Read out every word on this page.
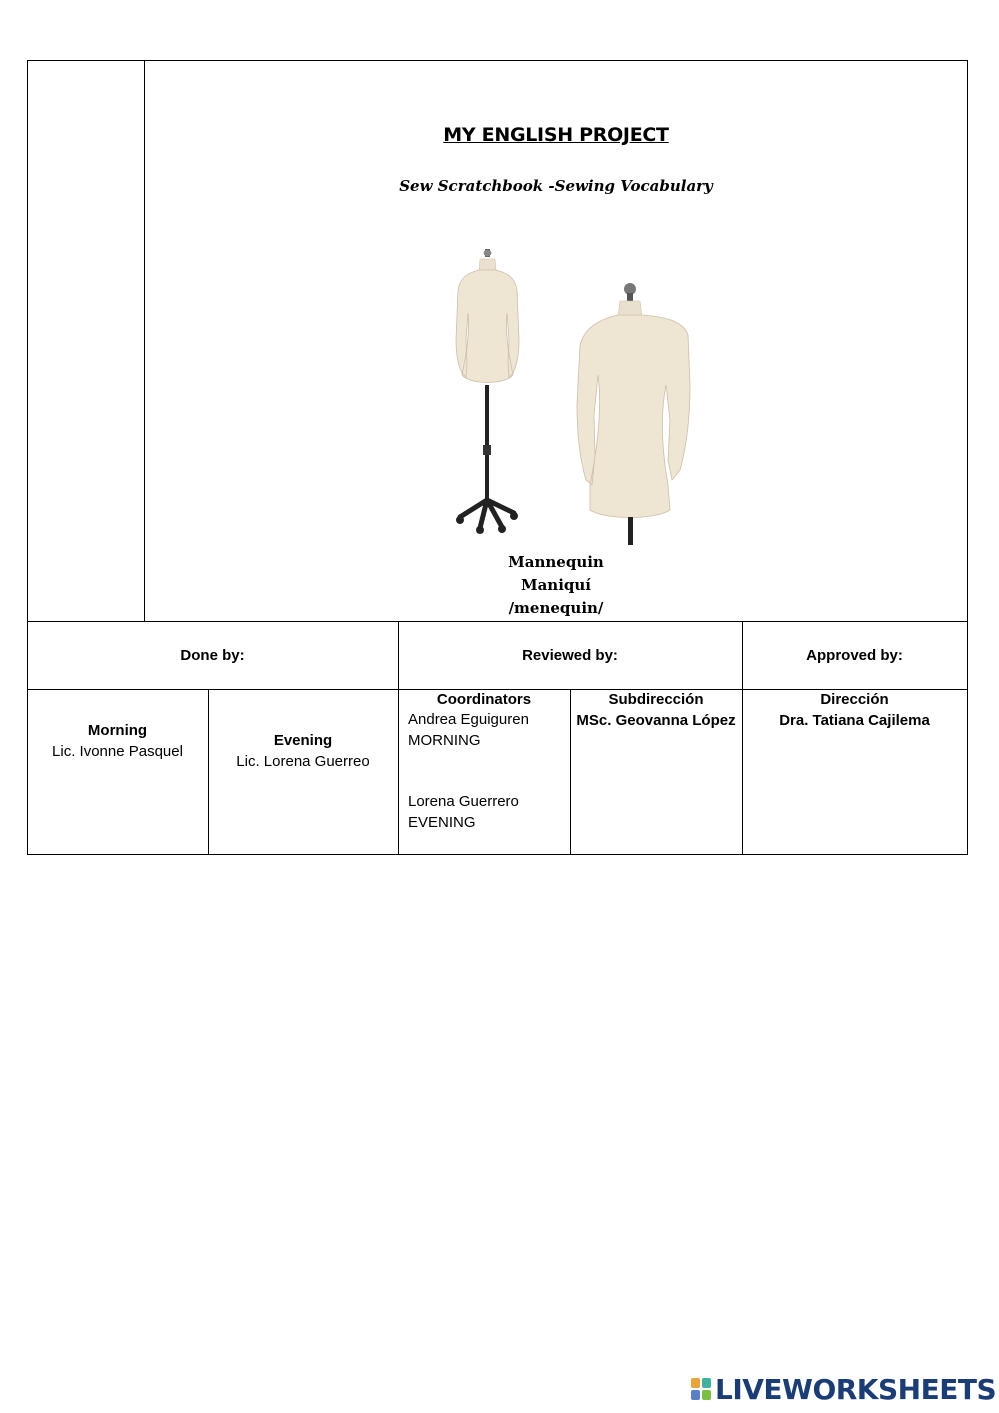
MY ENGLISH PROJECT
Sew Scratchbook -Sewing Vocabulary
Mannequin
Maniquí
/menequin/
Done by:	Reviewed by:	Approved by:
Morning
Lic. Ivonne Pasquel
Evening
Lic. Lorena Guerreo
Coordinators
Andrea Eguiguren
MORNING
Lorena Guerrero
EVENING
Subdirección
MSc. Geovanna López
Dirección
Dra. Tatiana Cajilema
LIVEWORKSHEETS
